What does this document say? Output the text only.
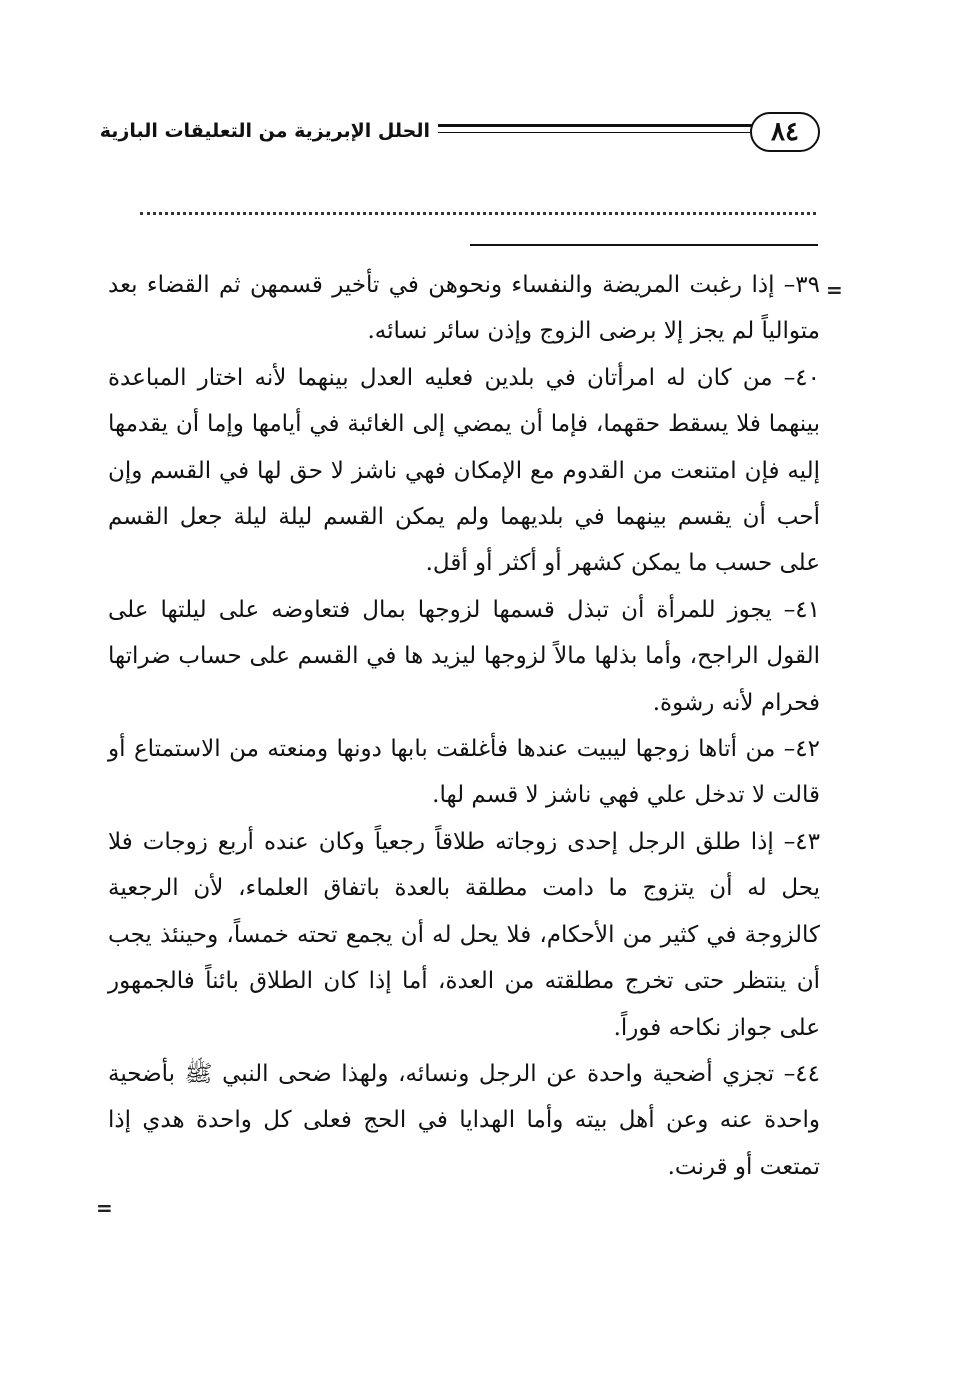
٨٤
الحلل الإبريزية من التعليقات البازية
=
=

٣٩– إذا رغبت المريضة والنفساء ونحوهن في تأخير قسمهن ثم القضاء بعد متوالياً لم يجز إلا برضى الزوج وإذن سائر نسائه.

٤٠– من كان له امرأتان في بلدين فعليه العدل بينهما لأنه اختار المباعدة بينهما فلا يسقط حقهما، فإما أن يمضي إلى الغائبة في أيامها وإما أن يقدمها إليه فإن امتنعت من القدوم مع الإمكان فهي ناشز لا حق لها في القسم وإن أحب أن يقسم بينهما في بلديهما ولم يمكن القسم ليلة ليلة جعل القسم على حسب ما يمكن كشهر أو أكثر أو أقل.

٤١– يجوز للمرأة أن تبذل قسمها لزوجها بمال فتعاوضه على ليلتها على القول الراجح، وأما بذلها مالاً لزوجها ليزيد ها في القسم على حساب ضراتها فحرام لأنه رشوة.

٤٢– من أتاها زوجها ليبيت عندها فأغلقت بابها دونها ومنعته من الاستمتاع أو قالت لا تدخل علي فهي ناشز لا قسم لها.

٤٣– إذا طلق الرجل إحدى زوجاته طلاقاً رجعياً وكان عنده أربع زوجات فلا يحل له أن يتزوج ما دامت مطلقة بالعدة باتفاق العلماء، لأن الرجعية كالزوجة في كثير من الأحكام، فلا يحل له أن يجمع تحته خمساً، وحينئذ يجب أن ينتظر حتى تخرج مطلقته من العدة، أما إذا كان الطلاق بائناً فالجمهور على جواز نكاحه فوراً.

٤٤– تجزي أضحية واحدة عن الرجل ونسائه، ولهذا ضحى النبي ﷺ بأضحية واحدة عنه وعن أهل بيته وأما الهدايا في الحج فعلى كل واحدة هدي إذا تمتعت أو قرنت.
